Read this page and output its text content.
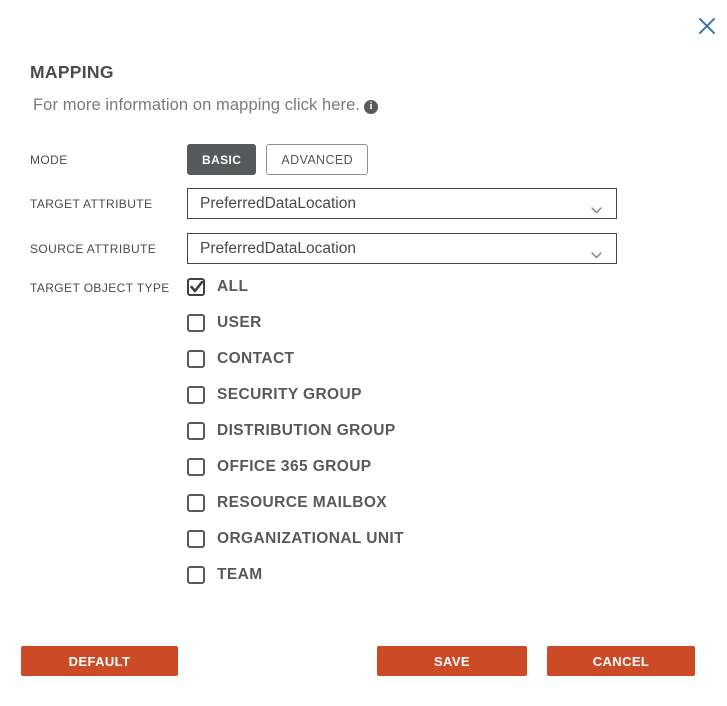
MAPPING

For more information on mapping click here. i

MODE	BASIC	ADVANCED
TARGET ATTRIBUTE	PreferredDataLocation
SOURCE ATTRIBUTE	PreferredDataLocation
TARGET OBJECT TYPE	ALL
USER
CONTACT
SECURITY GROUP
DISTRIBUTION GROUP
OFFICE 365 GROUP
RESOURCE MAILBOX
ORGANIZATIONAL UNIT
TEAM
DEFAULT	SAVE	CANCEL
